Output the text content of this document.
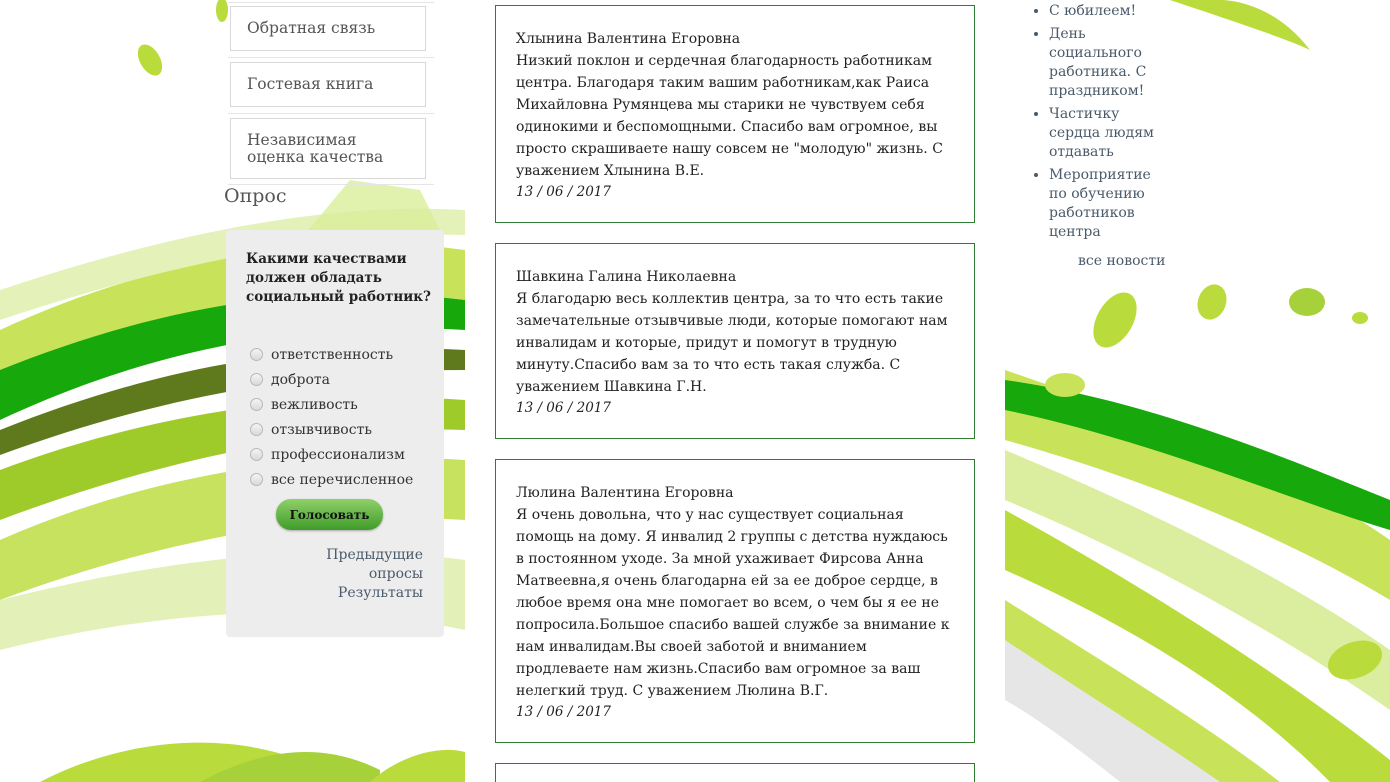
Обратная связь
Гостевая книга
Независимая оценка качества
Опрос
Какими качествами должен обладать социальный работник?
ответственность
доброта
вежливость
отзывчивость
профессионализм
все перечисленное
Голосовать
Предыдущие
опросы
Результаты
Хлынина Валентина Егоровна
Низкий поклон и сердечная благодарность работникам центра. Благодаря таким вашим работникам,как Раиса Михайловна Румянцева мы старики не чувствуем себя одинокими и беспомощными. Спасибо вам огромное, вы просто скрашиваете нашу совсем не "молодую" жизнь. С уважением Хлынина В.Е.
13 / 06 / 2017
Шавкина Галина Николаевна
Я благодарю весь коллектив центра, за то что есть такие замечательные отзывчивые люди, которые помогают нам инвалидам и которые, придут и помогут в трудную минуту.Спасибо вам за то что есть такая служба. С уважением Шавкина Г.Н.
13 / 06 / 2017
Люлина Валентина Егоровна
Я очень довольна, что у нас существует социальная помощь на дому. Я инвалид 2 группы с детства нуждаюсь в постоянном уходе. За мной ухаживает Фирсова Анна Матвеевна,я очень благодарна ей за ее доброе сердце, в любое время она мне помогает во всем, о чем бы я ее не попросила.Большое спасибо вашей службе за внимание к нам инвалидам.Вы своей заботой и вниманием продлеваете нам жизнь.Спасибо вам огромное за ваш нелегкий труд. С уважением Люлина В.Г.
13 / 06 / 2017
• С юбилеем!
• День социального работника. С праздником!
• Частичку сердца людям отдавать
• Мероприятие по обучению работников центра
все новости
